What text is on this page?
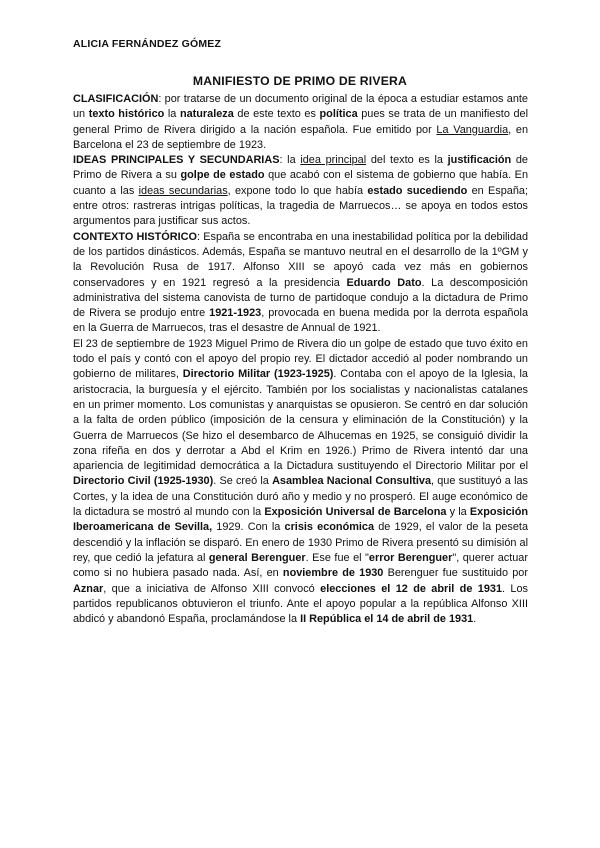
ALICIA FERNÁNDEZ GÓMEZ
MANIFIESTO DE PRIMO DE RIVERA

CLASIFICACIÓN: por tratarse de un documento original de la época a estudiar estamos ante un texto histórico la naturaleza de este texto es política pues se trata de un manifiesto del general Primo de Rivera dirigido a la nación española. Fue emitido por La Vanguardia, en Barcelona el 23 de septiembre de 1923.

IDEAS PRINCIPALES Y SECUNDARIAS: la idea principal del texto es la justificación de Primo de Rivera a su golpe de estado que acabó con el sistema de gobierno que había. En cuanto a las ideas secundarias, expone todo lo que había estado sucediendo en España; entre otros: rastreras intrigas políticas, la tragedia de Marruecos… se apoya en todos estos argumentos para justificar sus actos.

CONTEXTO HISTÓRICO: España se encontraba en una inestabilidad política por la debilidad de los partidos dinásticos. Además, España se mantuvo neutral en el desarrollo de la 1ºGM y la Revolución Rusa de 1917. Alfonso XIII se apoyó cada vez más en gobiernos conservadores y en 1921 regresó a la presidencia Eduardo Dato. La descomposición administrativa del sistema canovista de turno de partidoque condujo a la dictadura de Primo de Rivera se produjo entre 1921-1923, provocada en buena medida por la derrota española en la Guerra de Marruecos, tras el desastre de Annual de 1921.

El 23 de septiembre de 1923 Miguel Primo de Rivera dio un golpe de estado que tuvo éxito en todo el país y contó con el apoyo del propio rey. El dictador accedió al poder nombrando un gobierno de militares, Directorio Militar (1923-1925). Contaba con el apoyo de la Iglesia, la aristocracia, la burguesía y el ejército. También por los socialistas y nacionalistas catalanes en un primer momento. Los comunistas y anarquistas se opusieron. Se centró en dar solución a la falta de orden público (imposición de la censura y eliminación de la Constitución) y la Guerra de Marruecos (Se hizo el desembarco de Alhucemas en 1925, se consiguió dividir la zona rifeña en dos y derrotar a Abd el Krim en 1926.) Primo de Rivera intentó dar una apariencia de legitimidad democrática a la Dictadura sustituyendo el Directorio Militar por el Directorio Civil (1925-1930). Se creó la Asamblea Nacional Consultiva, que sustituyó a las Cortes, y la idea de una Constitución duró año y medio y no prosperó. El auge económico de la dictadura se mostró al mundo con la Exposición Universal de Barcelona y la Exposición Iberoamericana de Sevilla, 1929. Con la crisis económica de 1929, el valor de la peseta descendió y la inflación se disparó. En enero de 1930 Primo de Rivera presentó su dimisión al rey, que cedió la jefatura al general Berenguer. Ese fue el "error Berenguer", querer actuar como si no hubiera pasado nada. Así, en noviembre de 1930 Berenguer fue sustituido por Aznar, que a iniciativa de Alfonso XIII convocó elecciones el 12 de abril de 1931. Los partidos republicanos obtuvieron el triunfo. Ante el apoyo popular a la república Alfonso XIII abdicó y abandonó España, proclamándose la II República el 14 de abril de 1931.
